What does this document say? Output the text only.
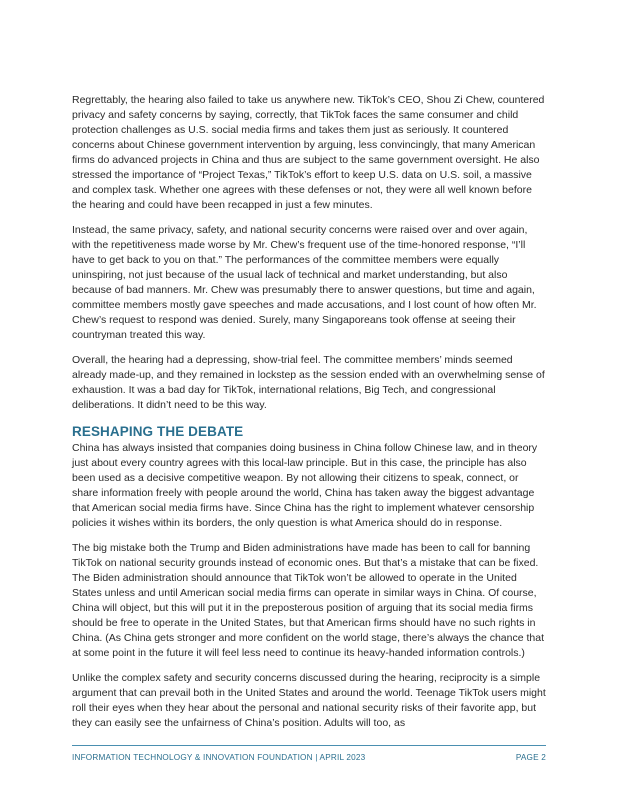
Regrettably, the hearing also failed to take us anywhere new. TikTok’s CEO, Shou Zi Chew, countered privacy and safety concerns by saying, correctly, that TikTok faces the same consumer and child protection challenges as U.S. social media firms and takes them just as seriously. It countered concerns about Chinese government intervention by arguing, less convincingly, that many American firms do advanced projects in China and thus are subject to the same government oversight. He also stressed the importance of “Project Texas,” TikTok’s effort to keep U.S. data on U.S. soil, a massive and complex task. Whether one agrees with these defenses or not, they were all well known before the hearing and could have been recapped in just a few minutes.

Instead, the same privacy, safety, and national security concerns were raised over and over again, with the repetitiveness made worse by Mr. Chew’s frequent use of the time-honored response, “I’ll have to get back to you on that.” The performances of the committee members were equally uninspiring, not just because of the usual lack of technical and market understanding, but also because of bad manners. Mr. Chew was presumably there to answer questions, but time and again, committee members mostly gave speeches and made accusations, and I lost count of how often Mr. Chew’s request to respond was denied. Surely, many Singaporeans took offense at seeing their countryman treated this way.

Overall, the hearing had a depressing, show-trial feel. The committee members’ minds seemed already made-up, and they remained in lockstep as the session ended with an overwhelming sense of exhaustion. It was a bad day for TikTok, international relations, Big Tech, and congressional deliberations. It didn’t need to be this way.

RESHAPING THE DEBATE

China has always insisted that companies doing business in China follow Chinese law, and in theory just about every country agrees with this local-law principle. But in this case, the principle has also been used as a decisive competitive weapon. By not allowing their citizens to speak, connect, or share information freely with people around the world, China has taken away the biggest advantage that American social media firms have. Since China has the right to implement whatever censorship policies it wishes within its borders, the only question is what America should do in response.

The big mistake both the Trump and Biden administrations have made has been to call for banning TikTok on national security grounds instead of economic ones. But that’s a mistake that can be fixed. The Biden administration should announce that TikTok won’t be allowed to operate in the United States unless and until American social media firms can operate in similar ways in China. Of course, China will object, but this will put it in the preposterous position of arguing that its social media firms should be free to operate in the United States, but that American firms should have no such rights in China. (As China gets stronger and more confident on the world stage, there’s always the chance that at some point in the future it will feel less need to continue its heavy-handed information controls.)

Unlike the complex safety and security concerns discussed during the hearing, reciprocity is a simple argument that can prevail both in the United States and around the world. Teenage TikTok users might roll their eyes when they hear about the personal and national security risks of their favorite app, but they can easily see the unfairness of China’s position. Adults will too, as

INFORMATION TECHNOLOGY & INNOVATION FOUNDATION | APRIL 2023	PAGE 2
